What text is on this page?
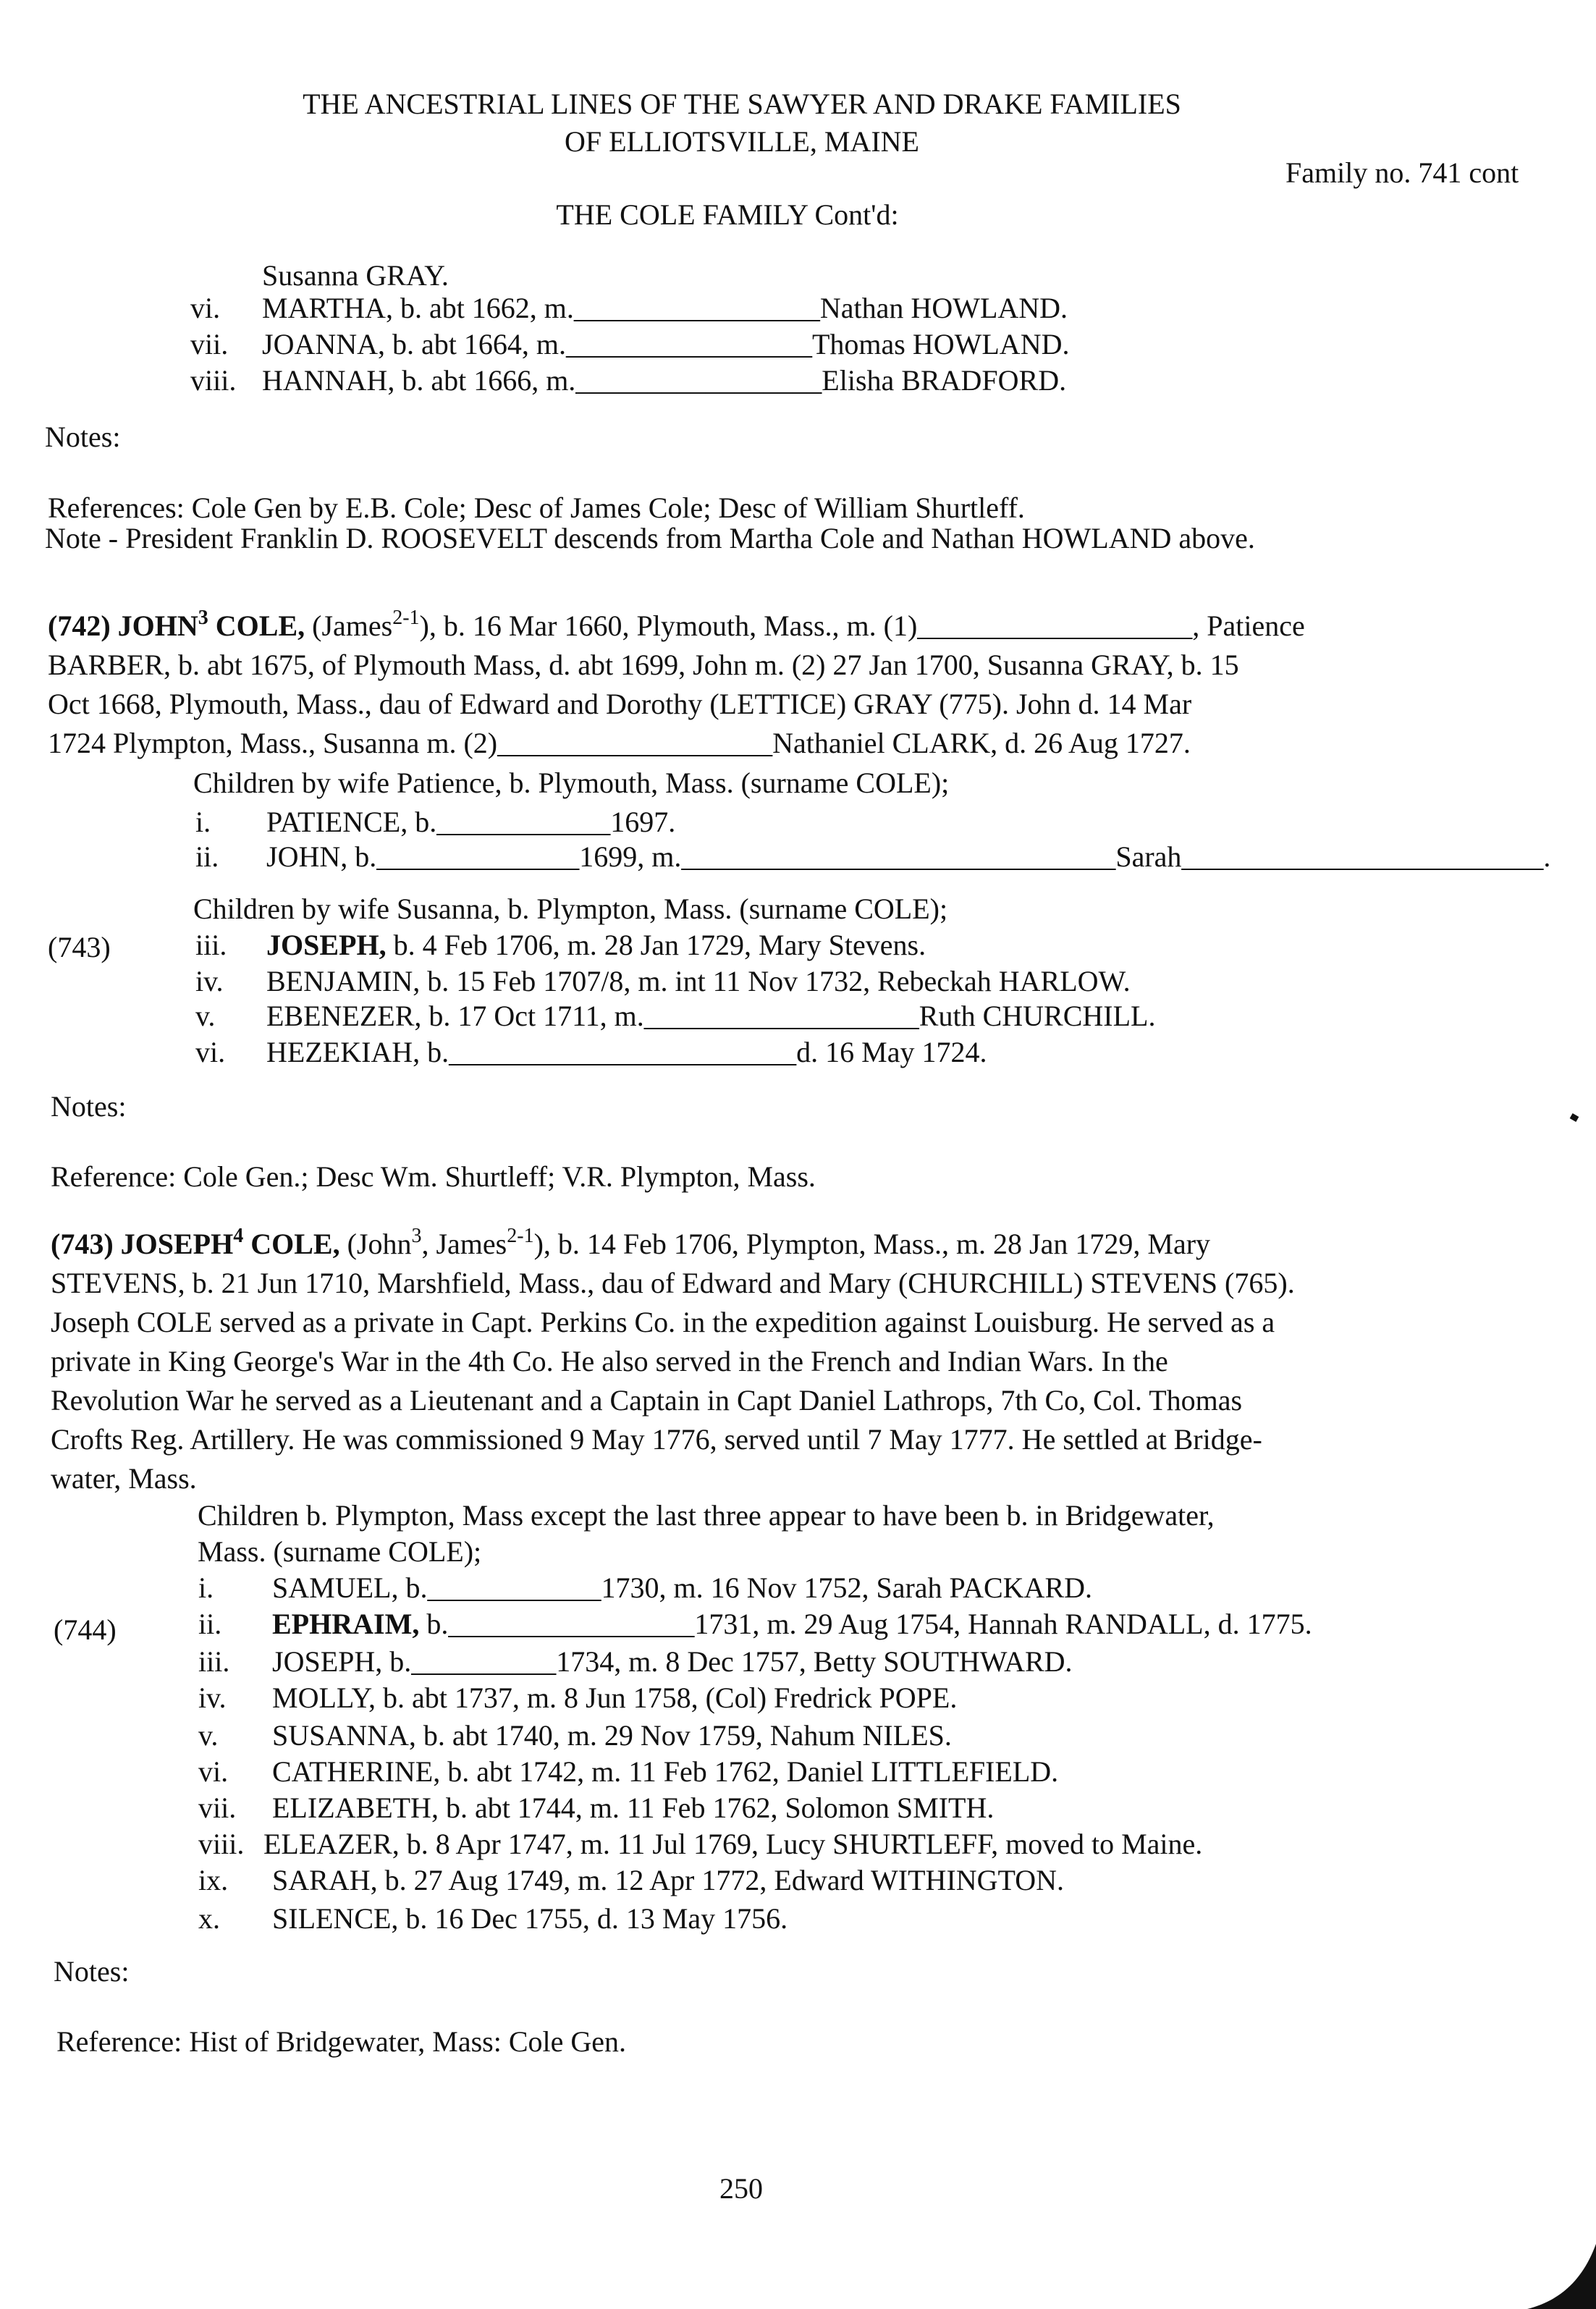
THE ANCESTRIAL LINES OF THE SAWYER AND DRAKE FAMILIES
OF ELLIOTSVILLE, MAINE
Family no. 741 cont
THE COLE FAMILY Cont'd:
Susanna GRAY.
vi. MARTHA, b. abt 1662, m._________________Nathan HOWLAND.
vii. JOANNA, b. abt 1664, m._________________Thomas HOWLAND.
viii. HANNAH, b. abt 1666, m._________________Elisha BRADFORD.
Notes:
References: Cole Gen by E.B. Cole; Desc of James Cole; Desc of William Shurtleff.
Note - President Franklin D. ROOSEVELT descends from Martha Cole and Nathan HOWLAND above.

(742) JOHN$^3$ COLE, (James$^{2-1}$), b. 16 Mar 1660, Plymouth, Mass., m. (1)___________________, Patience

BARBER, b. abt 1675, of Plymouth Mass, d. abt 1699, John m. (2) 27 Jan 1700, Susanna GRAY, b. 15

Oct 1668, Plymouth, Mass., dau of Edward and Dorothy (LETTICE) GRAY (775). John d. 14 Mar

1724 Plympton, Mass., Susanna m. (2)___________________Nathaniel CLARK, d. 26 Aug 1727.

Children by wife Patience, b. Plymouth, Mass. (surname COLE);
i. PATIENCE, b.____________1697.
ii. JOHN, b.______________1699, m.______________________________Sarah_________________________.
Children by wife Susanna, b. Plympton, Mass. (surname COLE);
(743)	iii. JOSEPH, b. 4 Feb 1706, m. 28 Jan 1729, Mary Stevens.
iv. BENJAMIN, b. 15 Feb 1707/8, m. int 11 Nov 1732, Rebeckah HARLOW.
v. EBENEZER, b. 17 Oct 1711, m.___________________Ruth CHURCHILL.
vi. HEZEKIAH, b.________________________d. 16 May 1724.
Notes:
Reference: Cole Gen.; Desc Wm. Shurtleff; V.R. Plympton, Mass.

(743) JOSEPH$^4$ COLE, (John$^3$, James$^{2-1}$), b. 14 Feb 1706, Plympton, Mass., m. 28 Jan 1729, Mary

STEVENS, b. 21 Jun 1710, Marshfield, Mass., dau of Edward and Mary (CHURCHILL) STEVENS (765).

Joseph COLE served as a private in Capt. Perkins Co. in the expedition against Louisburg. He served as a

private in King George's War in the 4th Co. He also served in the French and Indian Wars. In the

Revolution War he served as a Lieutenant and a Captain in Capt Daniel Lathrops, 7th Co, Col. Thomas

Crofts Reg. Artillery. He was commissioned 9 May 1776, served until 7 May 1777. He settled at Bridge-

water, Mass.

Children b. Plympton, Mass except the last three appear to have been b. in Bridgewater,
Mass. (surname COLE);
(744)
i. SAMUEL, b.____________1730, m. 16 Nov 1752, Sarah PACKARD.
ii. EPHRAIM, b._________________1731, m. 29 Aug 1754, Hannah RANDALL, d. 1775.
iii. JOSEPH, b.__________1734, m. 8 Dec 1757, Betty SOUTHWARD.
iv. MOLLY, b. abt 1737, m. 8 Jun 1758, (Col) Fredrick POPE.
v. SUSANNA, b. abt 1740, m. 29 Nov 1759, Nahum NILES.
vi. CATHERINE, b. abt 1742, m. 11 Feb 1762, Daniel LITTLEFIELD.
vii. ELIZABETH, b. abt 1744, m. 11 Feb 1762, Solomon SMITH.
viii. ELEAZER, b. 8 Apr 1747, m. 11 Jul 1769, Lucy SHURTLEFF, moved to Maine.
ix. SARAH, b. 27 Aug 1749, m. 12 Apr 1772, Edward WITHINGTON.
x. SILENCE, b. 16 Dec 1755, d. 13 May 1756.
Notes:
Reference: Hist of Bridgewater, Mass: Cole Gen.
250
